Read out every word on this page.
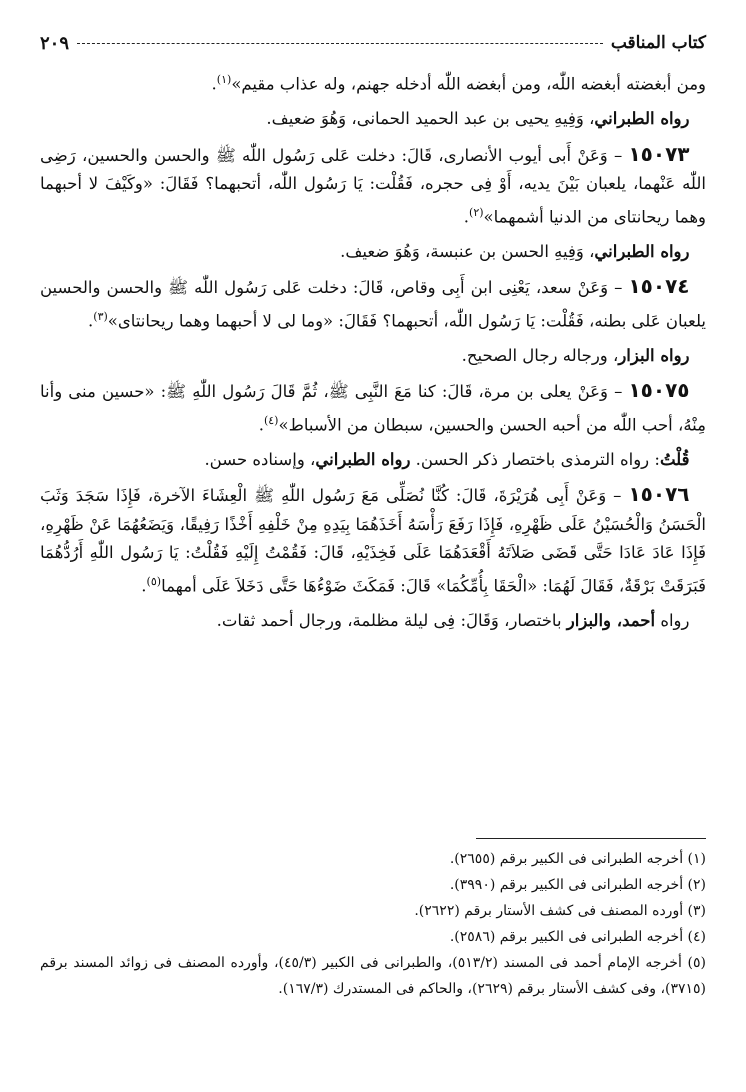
كتاب المناقب
٢٠٩

ومن أبغضته أبغضه اللّٰه، ومن أبغضه اللّٰه أدخله جهنم، وله عذاب مقيم»$^{(١)}$.

 رواه الطبراني، وَفِيهِ يحيى بن عبد الحميد الحمانى، وَهُوَ ضعيف.

 ١٥٠٧٣ – وَعَنْ أَبى أيوب الأنصارى، قَالَ: دخلت عَلى رَسُول اللّٰه ﷺ والحسن والحسين، رَضِى اللّٰه عَنْهما، يلعبان بَيْنَ يديه، أَوْ فِى حجره، فَقُلْت: يَا رَسُول اللّٰه، أتحبهما؟ فَقَالَ: «وكَيْفَ لا أحبهما وهما ريحانتاى من الدنيا أشمهما»$^{(٢)}$.

 رواه الطبراني، وَفِيهِ الحسن بن عنبسة، وَهُوَ ضعيف.

 ١٥٠٧٤ – وَعَنْ سعد، يَعْنِى ابن أَبِى وقاص، قَالَ: دخلت عَلى رَسُول اللّٰه ﷺ والحسن والحسين يلعبان عَلى بطنه، فَقُلْت: يَا رَسُول اللّٰه، أتحبهما؟ فَقَالَ: «وما لى لا أحبهما وهما ريحانتاى»$^{(٣)}$.

 رواه البزار، ورجاله رجال الصحيح.

 ١٥٠٧٥ – وَعَنْ يعلى بن مرة، قَالَ: كنا مَعَ النَّبِى ﷺ، ثُمَّ قَالَ رَسُول اللّٰهِ ﷺ: «حسين منى وأنا مِنْهُ، أحب اللّٰه من أحبه الحسن والحسين، سبطان من الأسباط»$^{(٤)}$.

 قُلْتُ: رواه الترمذى باختصار ذكر الحسن. رواه الطبراني، وإسناده حسن.

 ١٥٠٧٦ – وَعَنْ أَبِى هُرَيْرَةَ، قَالَ: كُنَّا نُصَلِّى مَعَ رَسُول اللّٰهِ ﷺ الْعِشَاءَ الآخرة، فَإِذَا سَجَدَ وَثَبَ الْحَسَنُ وَالْحُسَيْنُ عَلَى ظَهْرِهِ، فَإِذَا رَفَعَ رَأْسَهُ أَخَذَهُمَا بِيَدِهِ مِنْ خَلْفِهِ أَخْذًا رَفِيقًا، وَيَضَعُهُمَا عَنْ ظَهْرِهِ، فَإِذَا عَادَ عَادَا حَتَّى قَضَى صَلاَتَهُ أَقْعَدَهُمَا عَلَى فَخِذَيْهِ، قَالَ: فَقُمْتُ إِلَيْهِ فَقُلْتُ: يَا رَسُول اللّٰهِ أَرُدُّهُمَا فَبَرَقَتْ بَرْقَةٌ، فَقَالَ لَهُمَا: «الْحَقَا بِأُمِّكُمَا» قَالَ: فَمَكَثَ ضَوْءُهَا حَتَّى دَخَلاَ عَلَى أمهما$^{(٥)}$.

 رواه أحمد، والبزار باختصار، وَقَالَ: فِى ليلة مظلمة، ورجال أحمد ثقات.

(١) أخرجه الطبرانى فى الكبير برقم (٢٦٥٥).

(٢) أخرجه الطبرانى فى الكبير برقم (٣٩٩٠).

(٣) أورده المصنف فى كشف الأستار برقم (٢٦٢٢).

(٤) أخرجه الطبرانى فى الكبير برقم (٢٥٨٦).

(٥) أخرجه الإمام أحمد فى المسند (٥١٣/٢)، والطبرانى فى الكبير (٤٥/٣)، وأورده المصنف فى زوائد المسند برقم (٣٧١٥)، وفى كشف الأستار برقم (٢٦٢٩)، والحاكم فى المستدرك (١٦٧/٣).
